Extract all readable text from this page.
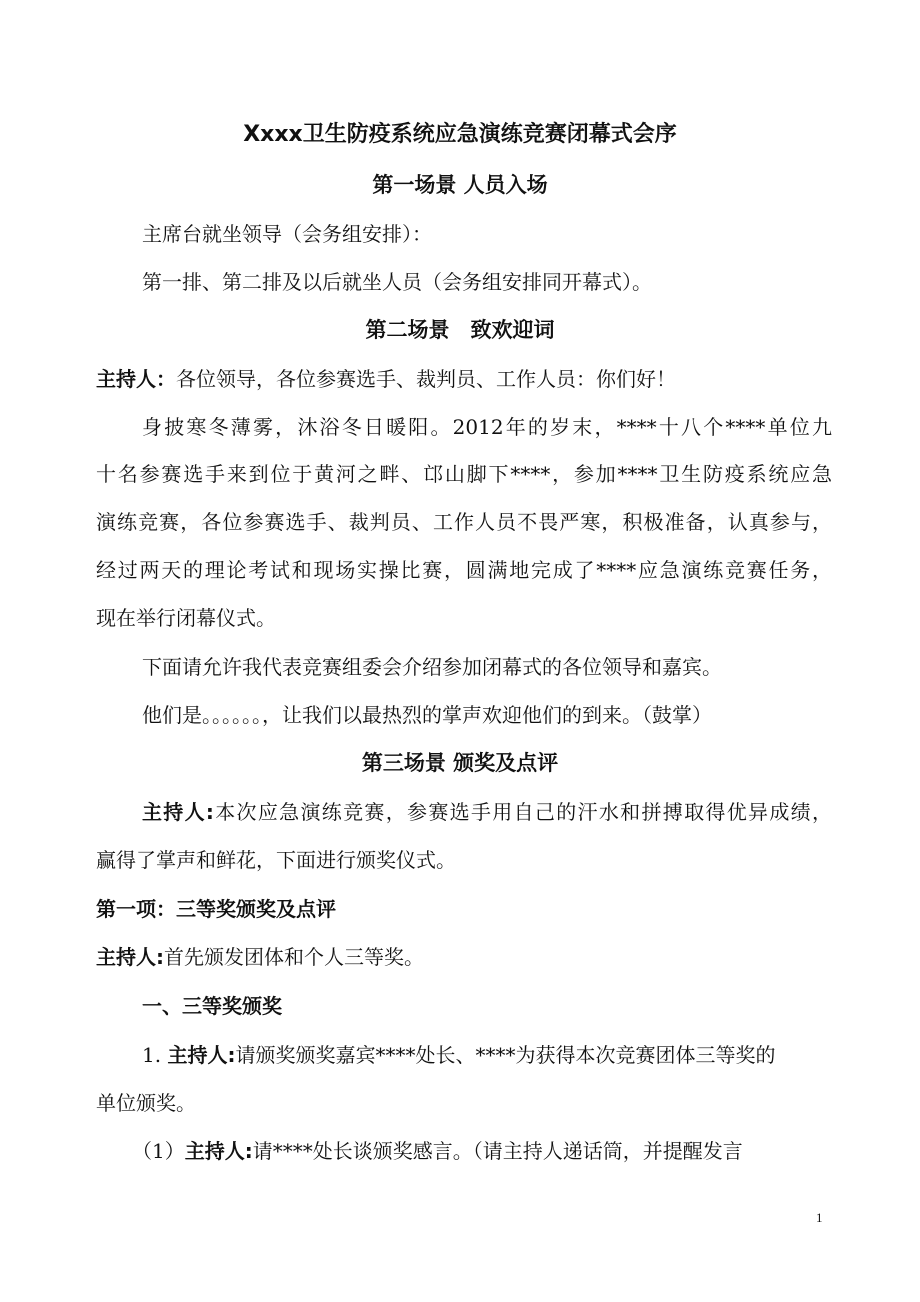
Xxxx卫生防疫系统应急演练竞赛闭幕式会序
第一场景 人员入场
主席台就坐领导（会务组安排）：
第一排、第二排及以后就坐人员（会务组安排同开幕式）。
第二场景　致欢迎词
主持人：各位领导，各位参赛选手、裁判员、工作人员：你们好！
身披寒冬薄雾，沐浴冬日暖阳。2012年的岁末，****十八个****单位九
十名参赛选手来到位于黄河之畔、邙山脚下****，参加****卫生防疫系统应急
演练竞赛，各位参赛选手、裁判员、工作人员不畏严寒，积极准备，认真参与，
经过两天的理论考试和现场实操比赛，圆满地完成了****应急演练竞赛任务，
现在举行闭幕仪式。
下面请允许我代表竞赛组委会介绍参加闭幕式的各位领导和嘉宾。
他们是。。。。。。，让我们以最热烈的掌声欢迎他们的到来。（鼓掌）
第三场景 颁奖及点评
主持人:本次应急演练竞赛，参赛选手用自己的汗水和拼搏取得优异成绩，
赢得了掌声和鲜花，下面进行颁奖仪式。
第一项：三等奖颁奖及点评
主持人:首先颁发团体和个人三等奖。
一、三等奖颁奖
1. 主持人:请颁奖颁奖嘉宾****处长、****为获得本次竞赛团体三等奖的
单位颁奖。
（1）主持人:请****处长谈颁奖感言。（请主持人递话筒，并提醒发言
1
